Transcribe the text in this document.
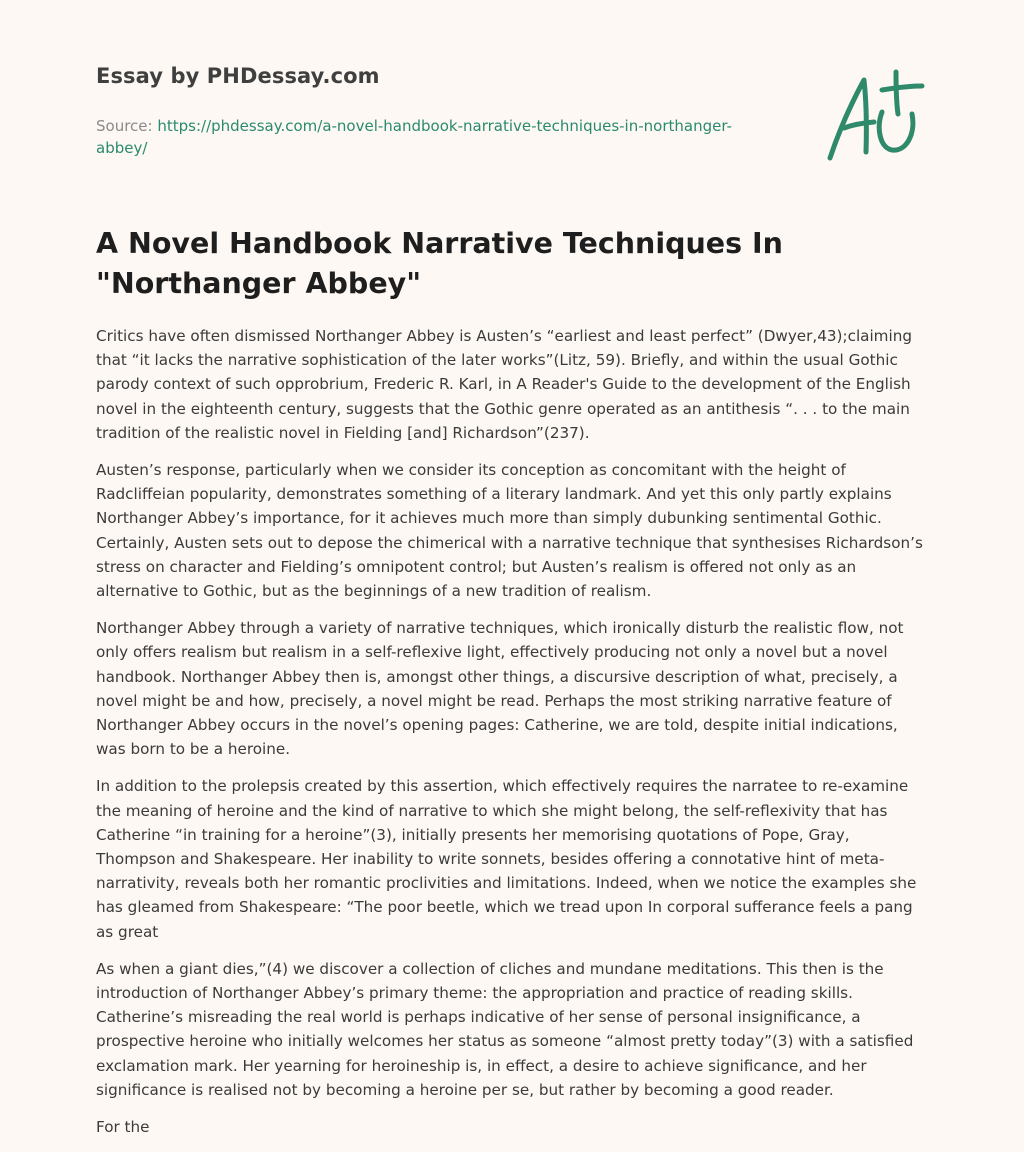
Essay by PHDessay.com
Source: https://phdessay.com/a-novel-handbook-narrative-techniques-in-northanger-abbey/
A Novel Handbook Narrative Techniques In "Northanger Abbey"

Critics have often dismissed Northanger Abbey is Austen’s “earliest and least perfect” (Dwyer,43);claiming that “it lacks the narrative sophistication of the later works”(Litz, 59). Briefly, and within the usual Gothic parody context of such opprobrium, Frederic R. Karl, in A Reader's Guide to the development of the English novel in the eighteenth century, suggests that the Gothic genre operated as an antithesis “. . . to the main tradition of the realistic novel in Fielding [and] Richardson”(237).

Austen’s response, particularly when we consider its conception as concomitant with the height of Radcliffeian popularity, demonstrates something of a literary landmark. And yet this only partly explains Northanger Abbey’s importance, for it achieves much more than simply dubunking sentimental Gothic. Certainly, Austen sets out to depose the chimerical with a narrative technique that synthesises Richardson’s stress on character and Fielding’s omnipotent control; but Austen’s realism is offered not only as an alternative to Gothic, but as the beginnings of a new tradition of realism.

Northanger Abbey through a variety of narrative techniques, which ironically disturb the realistic flow, not only offers realism but realism in a self-reflexive light, effectively producing not only a novel but a novel handbook. Northanger Abbey then is, amongst other things, a discursive description of what, precisely, a novel might be and how, precisely, a novel might be read. Perhaps the most striking narrative feature of Northanger Abbey occurs in the novel’s opening pages: Catherine, we are told, despite initial indications, was born to be a heroine.

In addition to the prolepsis created by this assertion, which effectively requires the narratee to re-examine the meaning of heroine and the kind of narrative to which she might belong, the self-reflexivity that has Catherine “in training for a heroine”(3), initially presents her memorising quotations of Pope, Gray, Thompson and Shakespeare. Her inability to write sonnets, besides offering a connotative hint of meta-narrativity, reveals both her romantic proclivities and limitations. Indeed, when we notice the examples she has gleamed from Shakespeare: “The poor beetle, which we tread upon In corporal sufferance feels a pang as great

As when a giant dies,”(4) we discover a collection of cliches and mundane meditations. This then is the introduction of Northanger Abbey’s primary theme: the appropriation and practice of reading skills. Catherine’s misreading the real world is perhaps indicative of her sense of personal insignificance, a prospective heroine who initially welcomes her status as someone “almost pretty today”(3) with a satisfied exclamation mark. Her yearning for heroineship is, in effect, a desire to achieve significance, and her significance is realised not by becoming a heroine per se, but rather by becoming a good reader.

For the
